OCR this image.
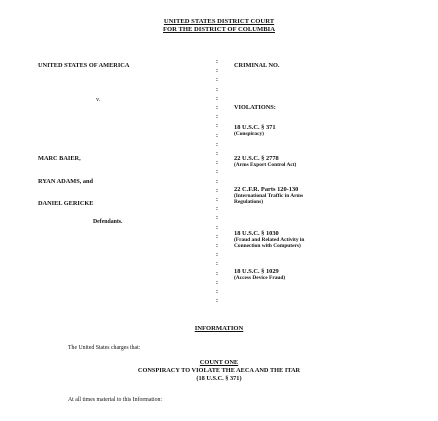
UNITED STATES DISTRICT COURT
FOR THE DISTRICT OF COLUMBIA
UNITED STATES OF AMERICA
v.
MARC BAIER,
RYAN ADAMS, and
DANIEL GERICKE
Defendants.
:
:
:
:
:
:
:
:
:
:
:
:
:
:
:
:
:
:
:
:
:
:
:
:
:
:
:

CRIMINAL NO.
VIOLATIONS:
18 U.S.C. § 371
(Conspiracy)
22 U.S.C. § 2778
(Arms Export Control Act)
22 C.F.R. Parts 120-130
(International Traffic in Arms
Regulations)
18 U.S.C. § 1030
(Fraud and Related Activity in
Connection with Computers)
18 U.S.C. § 1029
(Access Device Fraud)
INFORMATION
The United States charges that:
COUNT ONE
CONSPIRACY TO VIOLATE THE AECA AND THE ITAR
(18 U.S.C. § 371)
At all times material to this Information:
